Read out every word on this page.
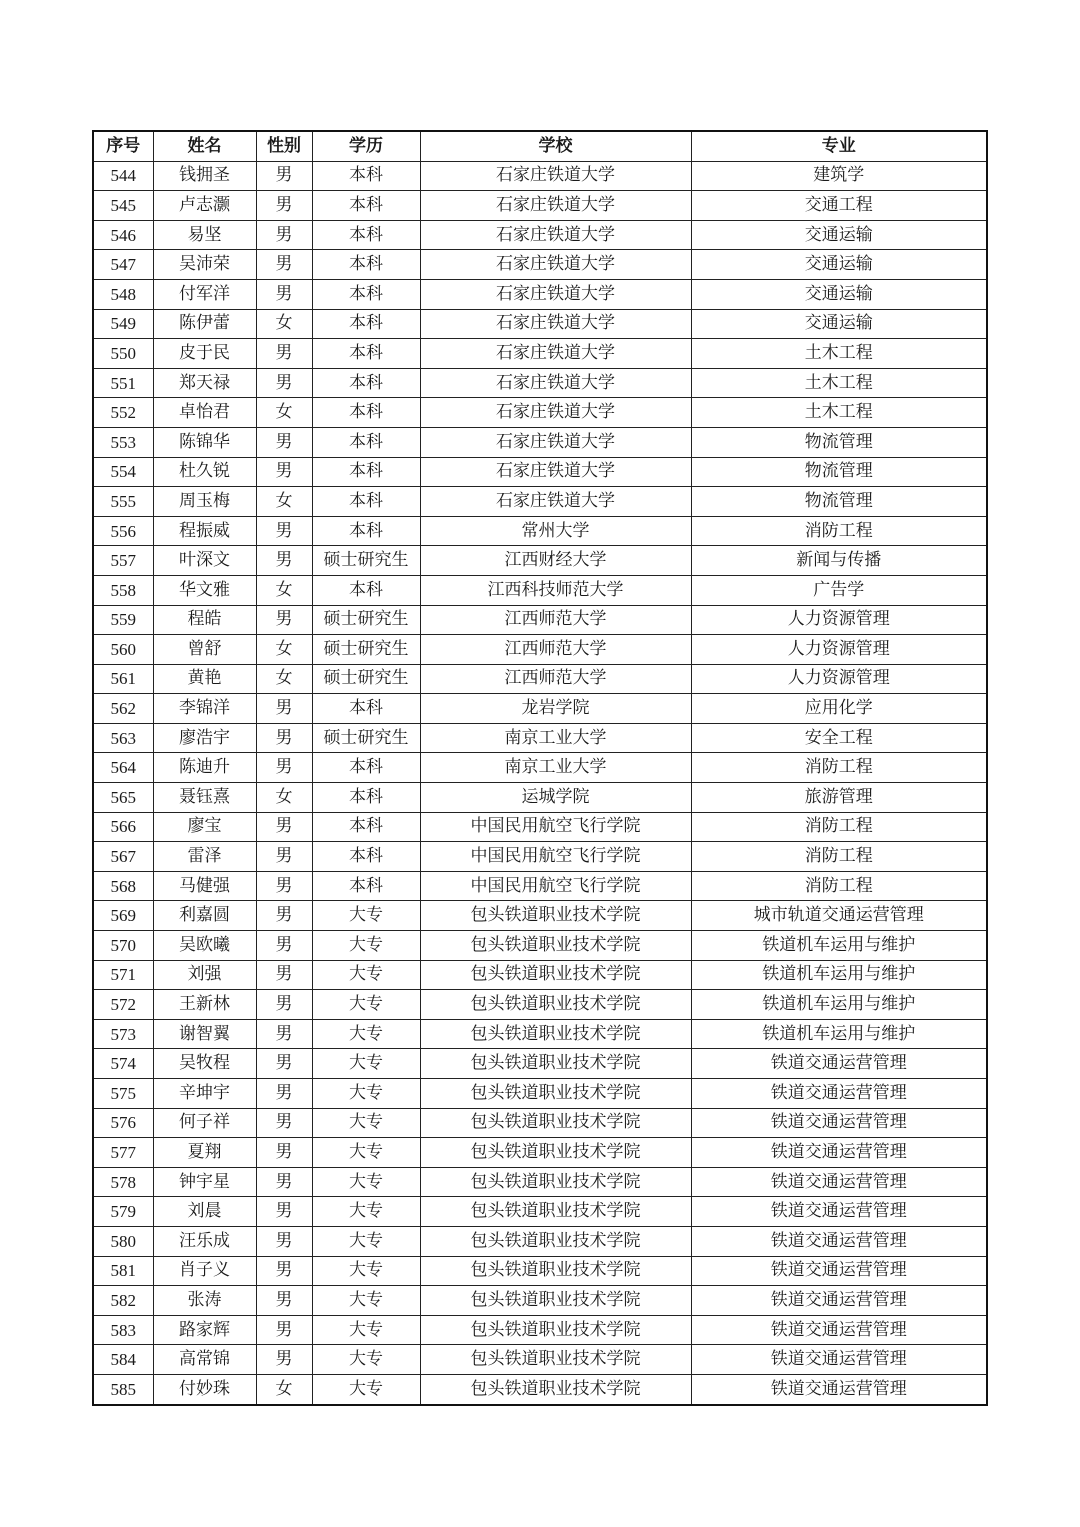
序号	姓名	性别	学历	学校	专业
544	钱拥圣	男	本科	石家庄铁道大学	建筑学
545	卢志灏	男	本科	石家庄铁道大学	交通工程
546	易坚	男	本科	石家庄铁道大学	交通运输
547	吴沛荣	男	本科	石家庄铁道大学	交通运输
548	付军洋	男	本科	石家庄铁道大学	交通运输
549	陈伊蕾	女	本科	石家庄铁道大学	交通运输
550	皮于民	男	本科	石家庄铁道大学	土木工程
551	郑天禄	男	本科	石家庄铁道大学	土木工程
552	卓怡君	女	本科	石家庄铁道大学	土木工程
553	陈锦华	男	本科	石家庄铁道大学	物流管理
554	杜久锐	男	本科	石家庄铁道大学	物流管理
555	周玉梅	女	本科	石家庄铁道大学	物流管理
556	程振威	男	本科	常州大学	消防工程
557	叶深文	男	硕士研究生	江西财经大学	新闻与传播
558	华文雅	女	本科	江西科技师范大学	广告学
559	程皓	男	硕士研究生	江西师范大学	人力资源管理
560	曾舒	女	硕士研究生	江西师范大学	人力资源管理
561	黄艳	女	硕士研究生	江西师范大学	人力资源管理
562	李锦洋	男	本科	龙岩学院	应用化学
563	廖浩宇	男	硕士研究生	南京工业大学	安全工程
564	陈迪升	男	本科	南京工业大学	消防工程
565	聂钰熹	女	本科	运城学院	旅游管理
566	廖宝	男	本科	中国民用航空飞行学院	消防工程
567	雷泽	男	本科	中国民用航空飞行学院	消防工程
568	马健强	男	本科	中国民用航空飞行学院	消防工程
569	利嘉圆	男	大专	包头铁道职业技术学院	城市轨道交通运营管理
570	吴欧曦	男	大专	包头铁道职业技术学院	铁道机车运用与维护
571	刘强	男	大专	包头铁道职业技术学院	铁道机车运用与维护
572	王新林	男	大专	包头铁道职业技术学院	铁道机车运用与维护
573	谢智翼	男	大专	包头铁道职业技术学院	铁道机车运用与维护
574	吴牧程	男	大专	包头铁道职业技术学院	铁道交通运营管理
575	辛坤宇	男	大专	包头铁道职业技术学院	铁道交通运营管理
576	何子祥	男	大专	包头铁道职业技术学院	铁道交通运营管理
577	夏翔	男	大专	包头铁道职业技术学院	铁道交通运营管理
578	钟宇星	男	大专	包头铁道职业技术学院	铁道交通运营管理
579	刘晨	男	大专	包头铁道职业技术学院	铁道交通运营管理
580	汪乐成	男	大专	包头铁道职业技术学院	铁道交通运营管理
581	肖子义	男	大专	包头铁道职业技术学院	铁道交通运营管理
582	张涛	男	大专	包头铁道职业技术学院	铁道交通运营管理
583	路家辉	男	大专	包头铁道职业技术学院	铁道交通运营管理
584	高常锦	男	大专	包头铁道职业技术学院	铁道交通运营管理
585	付妙珠	女	大专	包头铁道职业技术学院	铁道交通运营管理
